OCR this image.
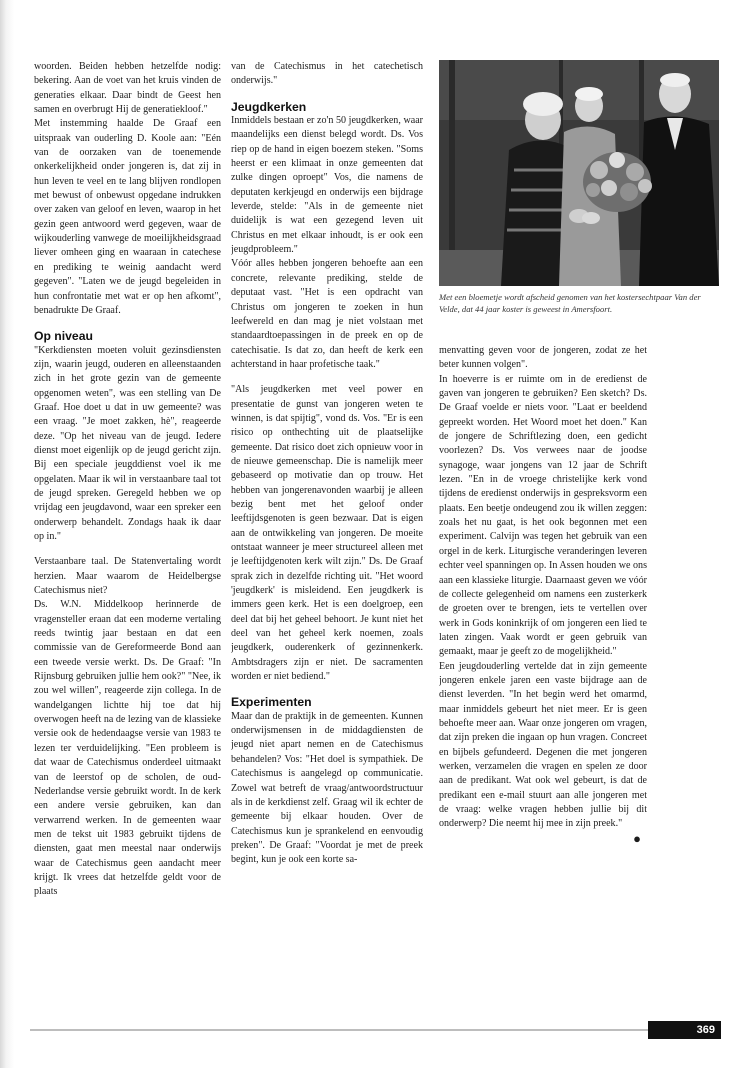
woorden. Beiden hebben hetzelfde nodig: bekering. Aan de voet van het kruis vinden de generaties elkaar. Daar bindt de Geest hen samen en overbrugt Hij de generatiekloof."

Met instemming haalde De Graaf een uitspraak van ouderling D. Koole aan: "Eén van de oorzaken van de toenemende onkerkelijkheid onder jongeren is, dat zij in hun leven te veel en te lang blijven rondlopen met bewust of onbewust opgedane indrukken over zaken van geloof en leven, waarop in het gezin geen antwoord werd gegeven, waar de wijkouderling vanwege de moeilijkheidsgraad liever omheen ging en waaraan in catechese en prediking te weinig aandacht werd gegeven". "Laten we de jeugd begeleiden in hun confrontatie met wat er op hen afkomt", benadrukte De Graaf.

Op niveau

"Kerkdiensten moeten voluit gezinsdiensten zijn, waarin jeugd, ouderen en alleenstaanden zich in het grote gezin van de gemeente opgenomen weten", was een stelling van De Graaf. Hoe doet u dat in uw gemeente? was een vraag. "Je moet zakken, hè", reageerde deze. "Op het niveau van de jeugd. Iedere dienst moet eigenlijk op de jeugd gericht zijn. Bij een speciale jeugddienst voel ik me opgelaten. Maar ik wil in verstaanbare taal tot de jeugd spreken. Geregeld hebben we op vrijdag een jeugdavond, waar een spreker een onderwerp behandelt. Zondags haak ik daar op in."

Verstaanbare taal. De Statenvertaling wordt herzien. Maar waarom de Heidelbergse Catechismus niet?

Ds. W.N. Middelkoop herinnerde de vragensteller eraan dat een moderne vertaling reeds twintig jaar bestaan en dat een commissie van de Gereformeerde Bond aan een tweede versie werkt. Ds. De Graaf: "In Rijnsburg gebruiken jullie hem ook?" "Nee, ik zou wel willen", reageerde zijn collega. In de wandelgangen lichtte hij toe dat hij overwogen heeft na de lezing van de klassieke versie ook de hedendaagse versie van 1983 te lezen ter verduidelijking. "Een probleem is dat waar de Catechismus onderdeel uitmaakt van de leerstof op de scholen, de oud-Nederlandse versie gebruikt wordt. In de kerk een andere versie gebruiken, kan dan verwarrend werken. In de gemeenten waar men de tekst uit 1983 gebruikt tijdens de diensten, gaat men meestal naar onderwijs waar de Catechismus geen aandacht meer krijgt. Ik vrees dat hetzelfde geldt voor de plaats

van de Catechismus in het catechetisch onderwijs."

Jeugdkerken

Inmiddels bestaan er zo'n 50 jeugdkerken, waar maandelijks een dienst belegd wordt. Ds. Vos riep op de hand in eigen boezem steken. "Soms heerst er een klimaat in onze gemeenten dat zulke dingen oproept" Vos, die namens de deputaten kerkjeugd en onderwijs een bijdrage leverde, stelde: "Als in de gemeente niet duidelijk is wat een gezegend leven uit Christus en met elkaar inhoudt, is er ook een jeugdprobleem."

Vóór alles hebben jongeren behoefte aan een concrete, relevante prediking, stelde de deputaat vast. "Het is een opdracht van Christus om jongeren te zoeken in hun leefwereld en dan mag je niet volstaan met standaardtoepassingen in de preek en op de catechisatie. Is dat zo, dan heeft de kerk een achterstand in haar profetische taak."

"Als jeugdkerken met veel power en presentatie de gunst van jongeren weten te winnen, is dat spijtig", vond ds. Vos. "Er is een risico op onthechting uit de plaatselijke gemeente. Dat risico doet zich opnieuw voor in de nieuwe gemeenschap. Die is namelijk meer gebaseerd op motivatie dan op trouw. Het hebben van jongerenavonden waarbij je alleen bezig bent met het geloof onder leeftijdsgenoten is geen bezwaar. Dat is eigen aan de ontwikkeling van jongeren. De moeite ontstaat wanneer je meer structureel alleen met je leeftijdgenoten kerk wilt zijn." Ds. De Graaf sprak zich in dezelfde richting uit. "Het woord 'jeugdkerk' is misleidend. Een jeugdkerk is immers geen kerk. Het is een doelgroep, een deel dat bij het geheel behoort. Je kunt niet het deel van het geheel kerk noemen, zoals jeugdkerk, ouderenkerk of gezinnenkerk. Ambtsdragers zijn er niet. De sacramenten worden er niet bediend."

Experimenten

Maar dan de praktijk in de gemeenten. Kunnen onderwijsmensen in de middagdiensten de jeugd niet apart nemen en de Catechismus behandelen? Vos: "Het doel is sympathiek. De Catechismus is aangelegd op communicatie. Zowel wat betreft de vraag/antwoordstructuur als in de kerkdienst zelf. Graag wil ik echter de gemeente bij elkaar houden. Over de Catechismus kun je sprankelend en eenvoudig preken". De Graaf: "Voordat je met de preek begint, kun je ook een korte sa-

Met een bloemetje wordt afscheid genomen van het kostersechtpaar Van der Velde, dat 44 jaar koster is geweest in Amersfoort.

menvatting geven voor de jongeren, zodat ze het beter kunnen volgen".

In hoeverre is er ruimte om in de eredienst de gaven van jongeren te gebruiken? Een sketch? Ds. De Graaf voelde er niets voor. "Laat er beeldend gepreekt worden. Het Woord moet het doen." Kan de jongere de Schriftlezing doen, een gedicht voorlezen? Ds. Vos verwees naar de joodse synagoge, waar jongens van 12 jaar de Schrift lezen. "En in de vroege christelijke kerk vond tijdens de eredienst onderwijs in gespreksvorm een plaats. Een beetje ondeugend zou ik willen zeggen: zoals het nu gaat, is het ook begonnen met een experiment. Calvijn was tegen het gebruik van een orgel in de kerk. Liturgische veranderingen leveren echter veel spanningen op. In Assen houden we ons aan een klassieke liturgie. Daarnaast geven we vóór de collecte gelegenheid om namens een zusterkerk de groeten over te brengen, iets te vertellen over werk in Gods koninkrijk of om jongeren een lied te laten zingen. Vaak wordt er geen gebruik van gemaakt, maar je geeft zo de mogelijkheid."

Een jeugdouderling vertelde dat in zijn gemeente jongeren enkele jaren een vaste bijdrage aan de dienst leverden. "In het begin werd het omarmd, maar inmiddels gebeurt het niet meer. Er is geen behoefte meer aan. Waar onze jongeren om vragen, dat zijn preken die ingaan op hun vragen. Concreet en bijbels gefundeerd. Degenen die met jongeren werken, verzamelen die vragen en spelen ze door aan de predikant. Wat ook wel gebeurt, is dat de predikant een e-mail stuurt aan alle jongeren met de vraag: welke vragen hebben jullie bij dit onderwerp? Die neemt hij mee in zijn preek."

●

369
